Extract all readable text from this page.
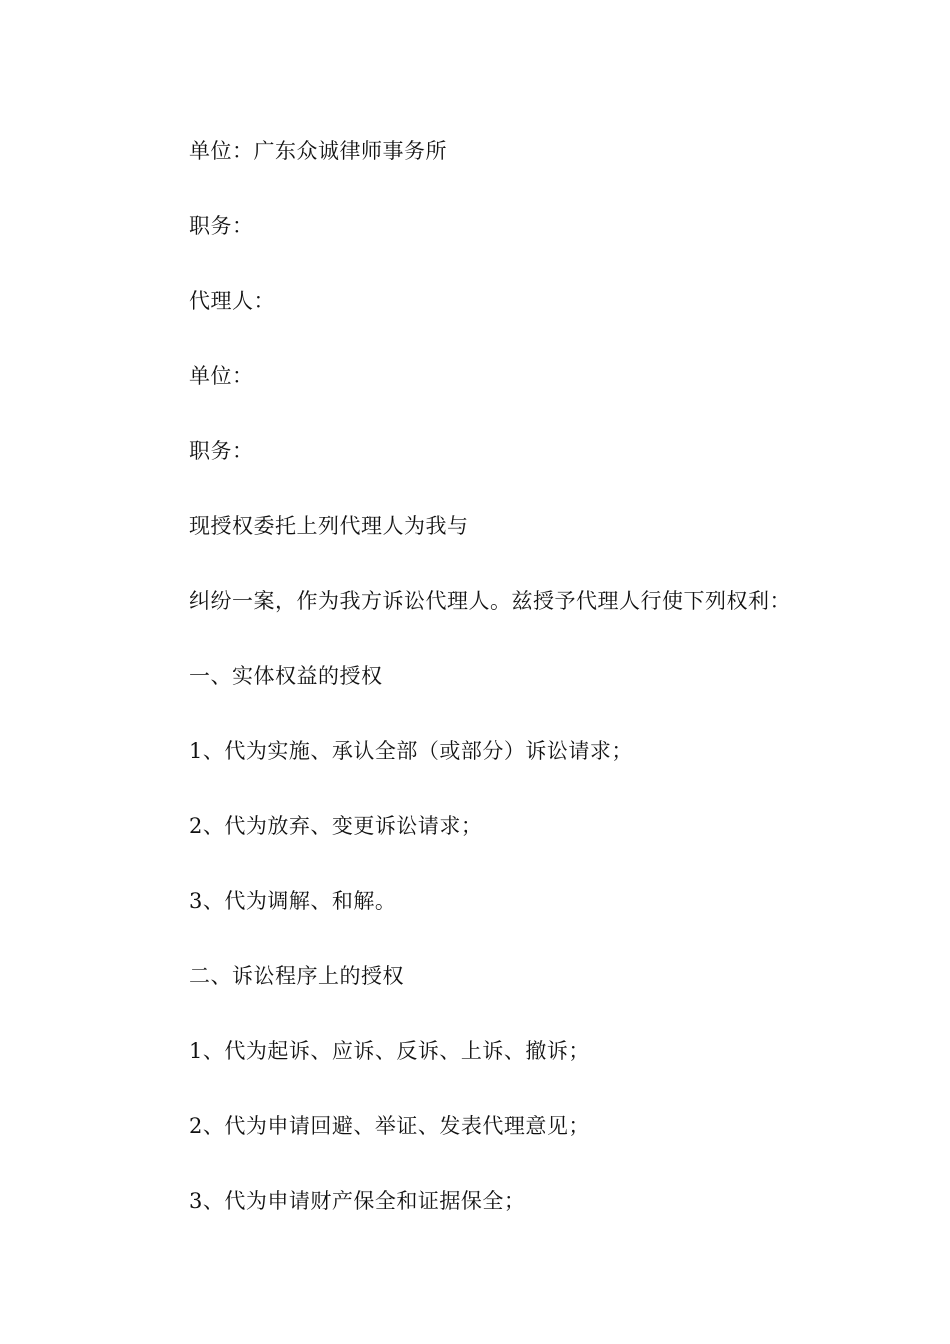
单位：广东众诚律师事务所
职务：
代理人：
单位：
职务：
现授权委托上列代理人为我与
纠纷一案，作为我方诉讼代理人。兹授予代理人行使下列权利：
一、实体权益的授权
1、代为实施、承认全部（或部分）诉讼请求；
2、代为放弃、变更诉讼请求；
3、代为调解、和解。
二、诉讼程序上的授权
1、代为起诉、应诉、反诉、上诉、撤诉；
2、代为申请回避、举证、发表代理意见；
3、代为申请财产保全和证据保全；
